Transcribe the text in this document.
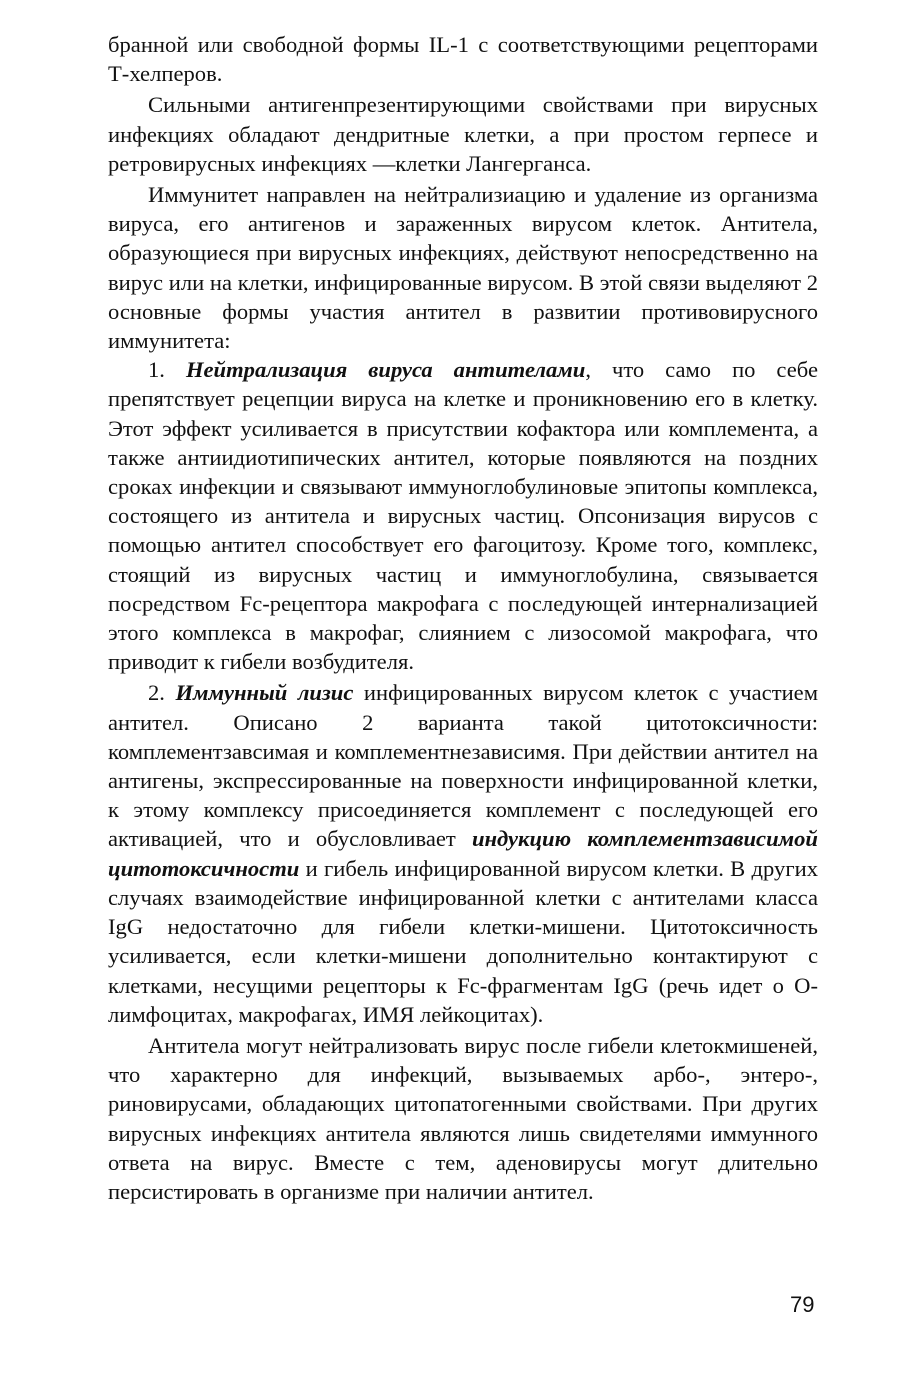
бранной или свободной формы IL-1 с соответствующими рецепторами Т-хелперов.

Сильными антигенпрезентирующими свойствами при вирусных инфекциях обладают дендритные клетки, а при простом герпесе и ретровирусных инфекциях —клетки Лангерганса.

Иммунитет направлен на нейтрализиацию и удаление из организма вируса, его антигенов и зараженных вирусом клеток. Антитела, образующиеся при вирусных инфекциях, действуют непосредственно на вирус или на клетки, инфицированные вирусом. В этой связи выделяют 2 основные формы участия антител в развитии противовирусного иммунитета:

1. Нейтрализация вируса антителами, что само по себе препятствует рецепции вируса на клетке и проникновению его в клетку. Этот эффект усиливается в присутствии кофактора или комплемента, а также антиидиотипических антител, которые появляются на поздних сроках инфекции и связывают иммуноглобулиновые эпитопы комплекса, состоящего из антитела и вирусных частиц. Опсонизация вирусов с помощью антител способствует его фагоцитозу. Кроме того, комплекс, стоящий из вирусных частиц и иммуноглобулина, связывается посредством Fc-рецептора макрофага с последующей интернализацией этого комплекса в макрофаг, слиянием с лизосомой макрофага, что приводит к гибели возбудителя.

2. Иммунный лизис инфицированных вирусом клеток с участием антител. Описано 2 варианта такой цитотоксичности: комплементзавсимая и комплементнезависимя. При действии антител на антигены, экспрессированные на поверхности инфицированной клетки, к этому комплексу присоединяется комплемент с последующей его активацией, что и обусловливает индукцию комплементзависимой цитотоксичности и гибель инфицированной вирусом клетки. В других случаях взаимодействие инфицированной клетки с антителами класса IgG недостаточно для гибели клетки-мишени. Цитотоксичность усиливается, если клетки-мишени дополнительно контактируют с клетками, несущими рецепторы к Fc-фрагментам IgG (речь идет о О-лимфоцитах, макрофагах, ИМЯ лейкоцитах).

Антитела могут нейтрализовать вирус после гибели клетокмишеней, что характерно для инфекций, вызываемых арбо-, энтеро-, риновирусами, обладающих цитопатогенными свойствами. При других вирусных инфекциях антитела являются лишь свидетелями иммунного ответа на вирус. Вместе с тем, аденовирусы могут длительно персистировать в организме при наличии антител.

79
